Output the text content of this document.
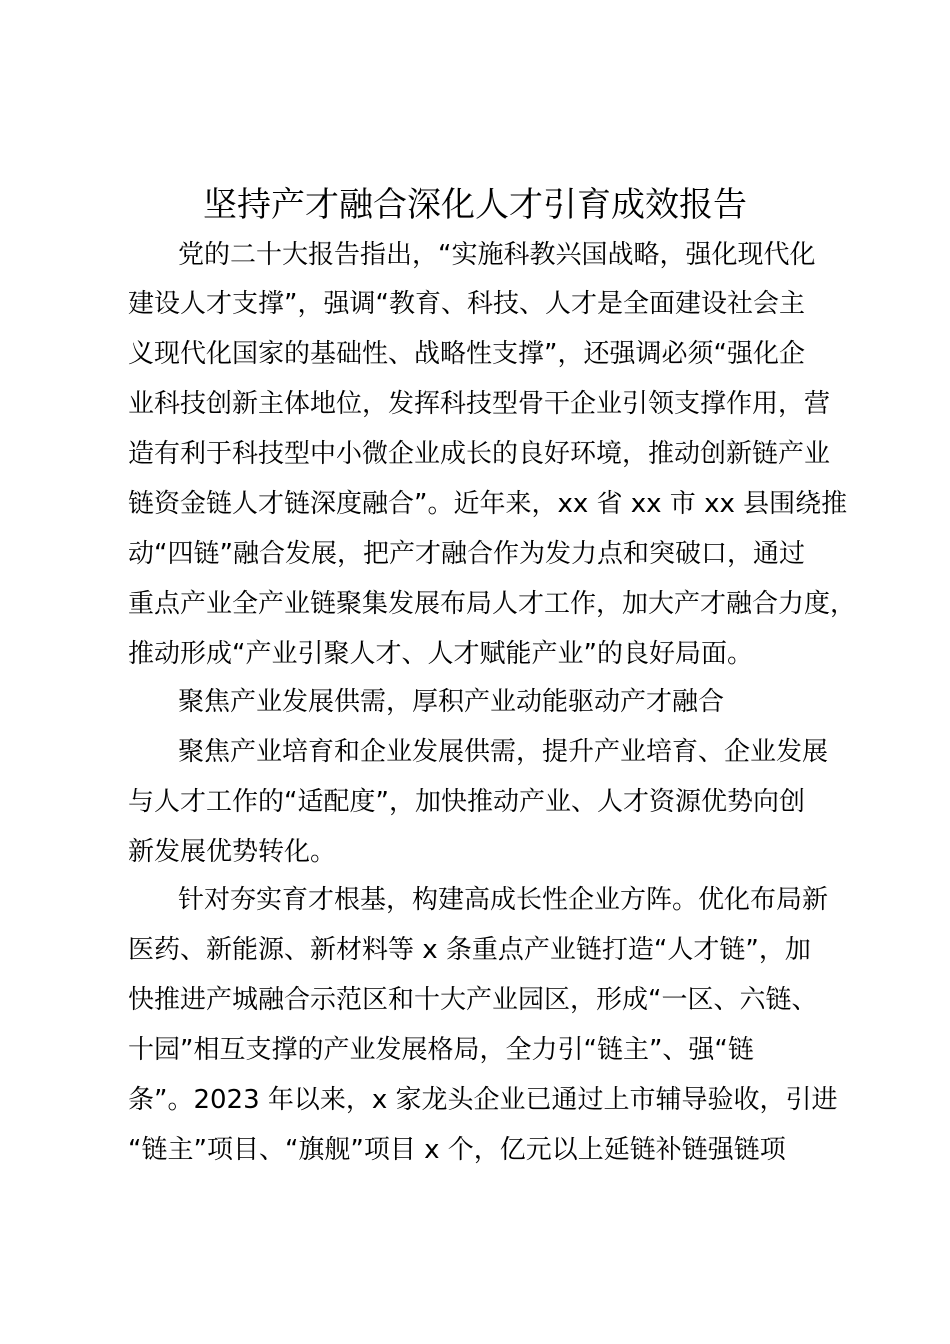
坚持产才融合深化人才引育成效报告
党的二十大报告指出，“实施科教兴国战略，强化现代化
建设人才支撑”，强调“教育、科技、人才是全面建设社会主
义现代化国家的基础性、战略性支撑”，还强调必须“强化企
业科技创新主体地位，发挥科技型骨干企业引领支撑作用，营
造有利于科技型中小微企业成长的良好环境，推动创新链产业
链资金链人才链深度融合”。近年来，xx 省 xx 市 xx 县围绕推
动“四链”融合发展，把产才融合作为发力点和突破口，通过
重点产业全产业链聚集发展布局人才工作，加大产才融合力度，
推动形成“产业引聚人才、人才赋能产业”的良好局面。
聚焦产业发展供需，厚积产业动能驱动产才融合
聚焦产业培育和企业发展供需，提升产业培育、企业发展
与人才工作的“适配度”，加快推动产业、人才资源优势向创
新发展优势转化。
针对夯实育才根基，构建高成长性企业方阵。优化布局新
医药、新能源、新材料等 x 条重点产业链打造“人才链”，加
快推进产城融合示范区和十大产业园区，形成“一区、六链、
十园”相互支撑的产业发展格局，全力引“链主”、强“链
条”。2023 年以来，x 家龙头企业已通过上市辅导验收，引进
“链主”项目、“旗舰”项目 x 个，亿元以上延链补链强链项
